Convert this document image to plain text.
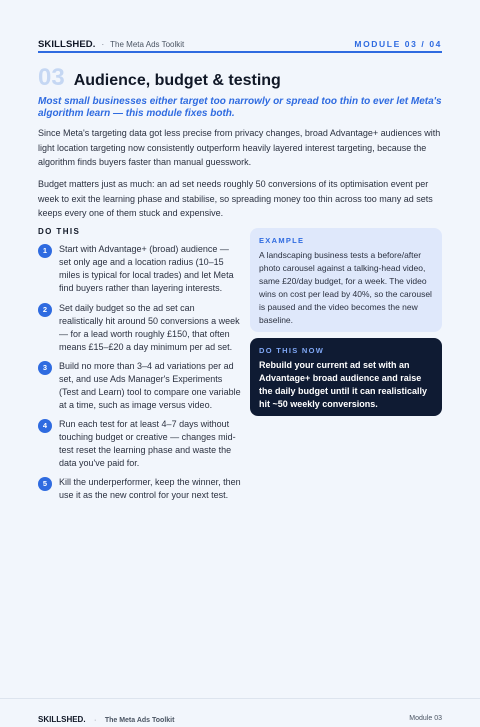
SKILLSHED. · The Meta Ads Toolkit	MODULE 03 / 04
03 Audience, budget & testing

Most small businesses either target too narrowly or spread too thin to ever let Meta's algorithm learn — this module fixes both.

Since Meta's targeting data got less precise from privacy changes, broad Advantage+ audiences with light location targeting now consistently outperform heavily layered interest targeting, because the algorithm finds buyers faster than manual guesswork.

Budget matters just as much: an ad set needs roughly 50 conversions of its optimisation event per week to exit the learning phase and stabilise, so spreading money too thin across too many ad sets keeps every one of them stuck and expensive.

DO THIS
1	Start with Advantage+ (broad) audience — set only age and a location radius (10–15 miles is typical for local trades) and let Meta find buyers rather than layering interests.

2	Set daily budget so the ad set can realistically hit around 50 conversions a week — for a lead worth roughly £150, that often means £15–£20 a day minimum per ad set.

3	Build no more than 3–4 ad variations per ad set, and use Ads Manager's Experiments (Test and Learn) tool to compare one variable at a time, such as image versus video.

4	Run each test for at least 4–7 days without touching budget or creative — changes mid-test reset the learning phase and waste the data you've paid for.

5	Kill the underperformer, keep the winner, then use it as the new control for your next test.

EXAMPLE

A landscaping business tests a before/after photo carousel against a talking-head video, same £20/day budget, for a week. The video wins on cost per lead by 40%, so the carousel is paused and the video becomes the new baseline.

DO THIS NOW

Rebuild your current ad set with an Advantage+ broad audience and raise the daily budget until it can realistically hit ~50 weekly conversions.

SKILLSHED. · The Meta Ads Toolkit	Module 03
